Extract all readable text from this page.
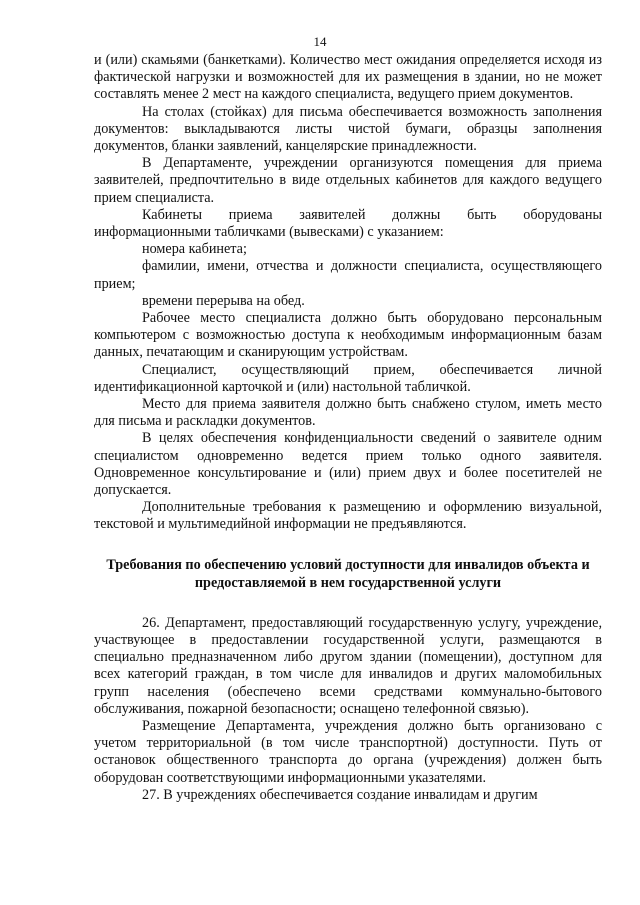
14

и (или) скамьями (банкетками). Количество мест ожидания определяется исходя из фактической нагрузки и возможностей для их размещения в здании, но не может составлять менее 2 мест на каждого специалиста, ведущего прием документов.

На столах (стойках) для письма обеспечивается возможность заполнения документов: выкладываются листы чистой бумаги, образцы заполнения документов, бланки заявлений, канцелярские принадлежности.

В Департаменте, учреждении организуются помещения для приема заявителей, предпочтительно в виде отдельных кабинетов для каждого ведущего прием специалиста.

Кабинеты приема заявителей должны быть оборудованы информационными табличками (вывесками) с указанием:

номера кабинета;

фамилии, имени, отчества и должности специалиста, осуществляющего прием;

времени перерыва на обед.

Рабочее место специалиста должно быть оборудовано персональным компьютером с возможностью доступа к необходимым информационным базам данных, печатающим и сканирующим устройствам.

Специалист, осуществляющий прием, обеспечивается личной идентификационной карточкой и (или) настольной табличкой.

Место для приема заявителя должно быть снабжено стулом, иметь место для письма и раскладки документов.

В целях обеспечения конфиденциальности сведений о заявителе одним специалистом одновременно ведется прием только одного заявителя. Одновременное консультирование и (или) прием двух и более посетителей не допускается.

Дополнительные требования к размещению и оформлению визуальной, текстовой и мультимедийной информации не предъявляются.

Требования по обеспечению условий доступности для инвалидов объекта и предоставляемой в нем государственной услуги

26. Департамент, предоставляющий государственную услугу, учреждение, участвующее в предоставлении государственной услуги, размещаются в специально предназначенном либо другом здании (помещении), доступном для всех категорий граждан, в том числе для инвалидов и других маломобильных групп населения (обеспечено всеми средствами коммунально-бытового обслуживания, пожарной безопасности; оснащено телефонной связью).

Размещение Департамента, учреждения должно быть организовано с учетом территориальной (в том числе транспортной) доступности. Путь от остановок общественного транспорта до органа (учреждения) должен быть оборудован соответствующими информационными указателями.

27. В учреждениях обеспечивается создание инвалидам и другим
